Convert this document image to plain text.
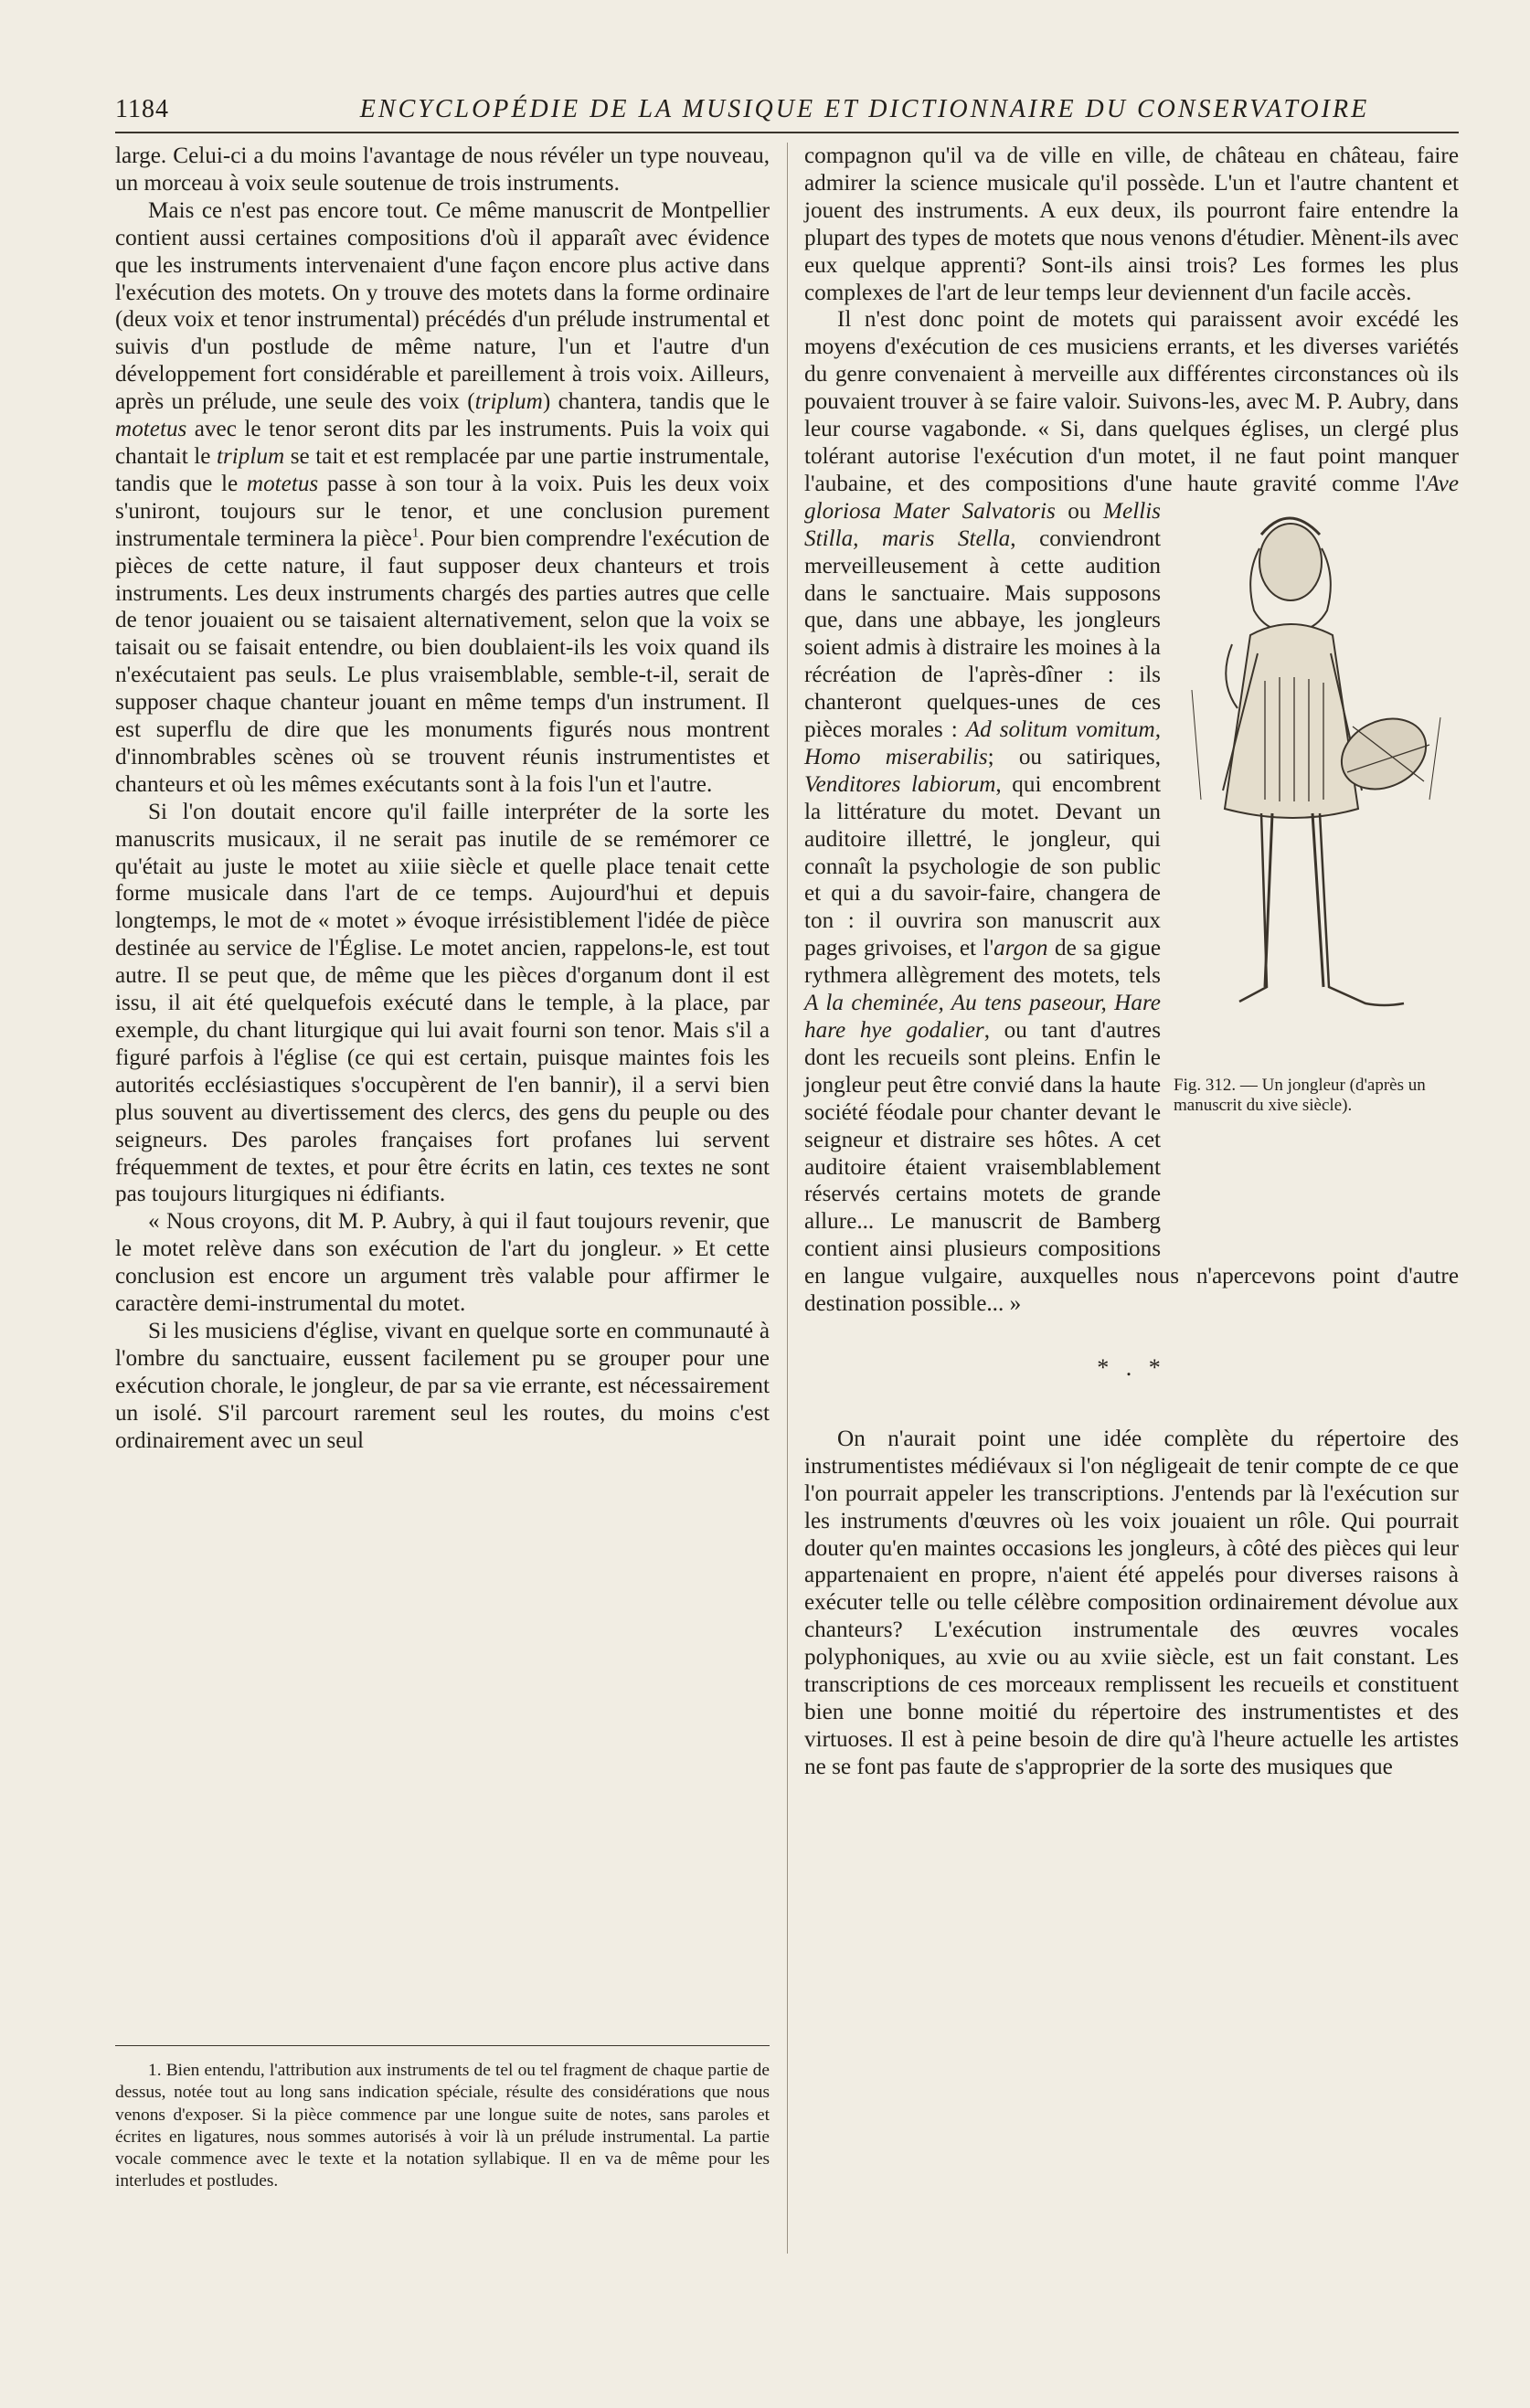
1184	ENCYCLOPÉDIE DE LA MUSIQUE ET DICTIONNAIRE DU CONSERVATOIRE

large. Celui-ci a du moins l'avantage de nous révéler un type nouveau, un morceau à voix seule soutenue de trois instruments.

Mais ce n'est pas encore tout. Ce même manuscrit de Montpellier contient aussi certaines compositions d'où il apparaît avec évidence que les instruments intervenaient d'une façon encore plus active dans l'exécution des motets. On y trouve des motets dans la forme ordinaire (deux voix et tenor instrumental) précédés d'un prélude instrumental et suivis d'un postlude de même nature, l'un et l'autre d'un développement fort considérable et pareillement à trois voix. Ailleurs, après un prélude, une seule des voix (triplum) chantera, tandis que le motetus avec le tenor seront dits par les instruments. Puis la voix qui chantait le triplum se tait et est remplacée par une partie instrumentale, tandis que le motetus passe à son tour à la voix. Puis les deux voix s'uniront, toujours sur le tenor, et une conclusion purement instrumentale terminera la pièce$^1$. Pour bien comprendre l'exécution de pièces de cette nature, il faut supposer deux chanteurs et trois instruments. Les deux instruments chargés des parties autres que celle de tenor jouaient ou se taisaient alternativement, selon que la voix se taisait ou se faisait entendre, ou bien doublaient-ils les voix quand ils n'exécutaient pas seuls. Le plus vraisemblable, semble-t-il, serait de supposer chaque chanteur jouant en même temps d'un instrument. Il est superflu de dire que les monuments figurés nous montrent d'innombrables scènes où se trouvent réunis instrumentistes et chanteurs et où les mêmes exécutants sont à la fois l'un et l'autre.

Si l'on doutait encore qu'il faille interpréter de la sorte les manuscrits musicaux, il ne serait pas inutile de se remémorer ce qu'était au juste le motet au xiiie siècle et quelle place tenait cette forme musicale dans l'art de ce temps. Aujourd'hui et depuis longtemps, le mot de « motet » évoque irrésistiblement l'idée de pièce destinée au service de l'Église. Le motet ancien, rappelons-le, est tout autre. Il se peut que, de même que les pièces d'organum dont il est issu, il ait été quelquefois exécuté dans le temple, à la place, par exemple, du chant liturgique qui lui avait fourni son tenor. Mais s'il a figuré parfois à l'église (ce qui est certain, puisque maintes fois les autorités ecclésiastiques s'occupèrent de l'en bannir), il a servi bien plus souvent au divertissement des clercs, des gens du peuple ou des seigneurs. Des paroles françaises fort profanes lui servent fréquemment de textes, et pour être écrits en latin, ces textes ne sont pas toujours liturgiques ni édifiants.

« Nous croyons, dit M. P. Aubry, à qui il faut toujours revenir, que le motet relève dans son exécution de l'art du jongleur. » Et cette conclusion est encore un argument très valable pour affirmer le caractère demi-instrumental du motet.

Si les musiciens d'église, vivant en quelque sorte en communauté à l'ombre du sanctuaire, eussent facilement pu se grouper pour une exécution chorale, le jongleur, de par sa vie errante, est nécessairement un isolé. S'il parcourt rarement seul les routes, du moins c'est ordinairement avec un seul

1. Bien entendu, l'attribution aux instruments de tel ou tel fragment de chaque partie de dessus, notée tout au long sans indication spéciale, résulte des considérations que nous venons d'exposer. Si la pièce commence par une longue suite de notes, sans paroles et écrites en ligatures, nous sommes autorisés à voir là un prélude instrumental. La partie vocale commence avec le texte et la notation syllabique. Il en va de même pour les interludes et postludes.

compagnon qu'il va de ville en ville, de château en château, faire admirer la science musicale qu'il possède. L'un et l'autre chantent et jouent des instruments. A eux deux, ils pourront faire entendre la plupart des types de motets que nous venons d'étudier. Mènent-ils avec eux quelque apprenti? Sont-ils ainsi trois? Les formes les plus complexes de l'art de leur temps leur deviennent d'un facile accès.

Il n'est donc point de motets qui paraissent avoir excédé les moyens d'exécution de ces musiciens errants, et les diverses variétés du genre convenaient à merveille aux différentes circonstances où ils pouvaient trouver à se faire valoir. Suivons-les, avec M. P. Aubry, dans leur course vagabonde. « Si, dans quelques églises, un clergé plus tolérant autorise l'exécution d'un motet, il ne faut point manquer l'aubaine, et des compositions d'une haute gravité comme l'
Fig. 312. — Un jongleur (d'après un manuscrit du xive siècle).
Ave gloriosa Mater Salvatoris ou Mellis Stilla, maris Stella, conviendront merveilleusement à cette audition dans le sanctuaire. Mais supposons que, dans une abbaye, les jongleurs soient admis à distraire les moines à la récréation de l'après-dîner : ils chanteront quelques-unes de ces pièces morales : Ad solitum vomitum, Homo miserabilis; ou satiriques, Venditores labiorum, qui encombrent la littérature du motet. Devant un auditoire illettré, le jongleur, qui connaît la psychologie de son public et qui a du savoir-faire, changera de ton : il ouvrira son manuscrit aux pages grivoises, et l'argon de sa gigue rythmera allègrement des motets, tels A la cheminée, Au tens paseour, Hare hare hye godalier, ou tant d'autres dont les recueils sont pleins. Enfin le jongleur peut être convié dans la haute société féodale pour chanter devant le seigneur et distraire ses hôtes. A cet auditoire étaient vraisemblablement réservés certains motets de grande allure... Le manuscrit de Bamberg contient ainsi plusieurs compositions en langue vulgaire, auxquelles nous n'apercevons point d'autre destination possible... »

* . *

On n'aurait point une idée complète du répertoire des instrumentistes médiévaux si l'on négligeait de tenir compte de ce que l'on pourrait appeler les transcriptions. J'entends par là l'exécution sur les instruments d'œuvres où les voix jouaient un rôle. Qui pourrait douter qu'en maintes occasions les jongleurs, à côté des pièces qui leur appartenaient en propre, n'aient été appelés pour diverses raisons à exécuter telle ou telle célèbre composition ordinairement dévolue aux chanteurs? L'exécution instrumentale des œuvres vocales polyphoniques, au xvie ou au xviie siècle, est un fait constant. Les transcriptions de ces morceaux remplissent les recueils et constituent bien une bonne moitié du répertoire des instrumentistes et des virtuoses. Il est à peine besoin de dire qu'à l'heure actuelle les artistes ne se font pas faute de s'approprier de la sorte des musiques que
